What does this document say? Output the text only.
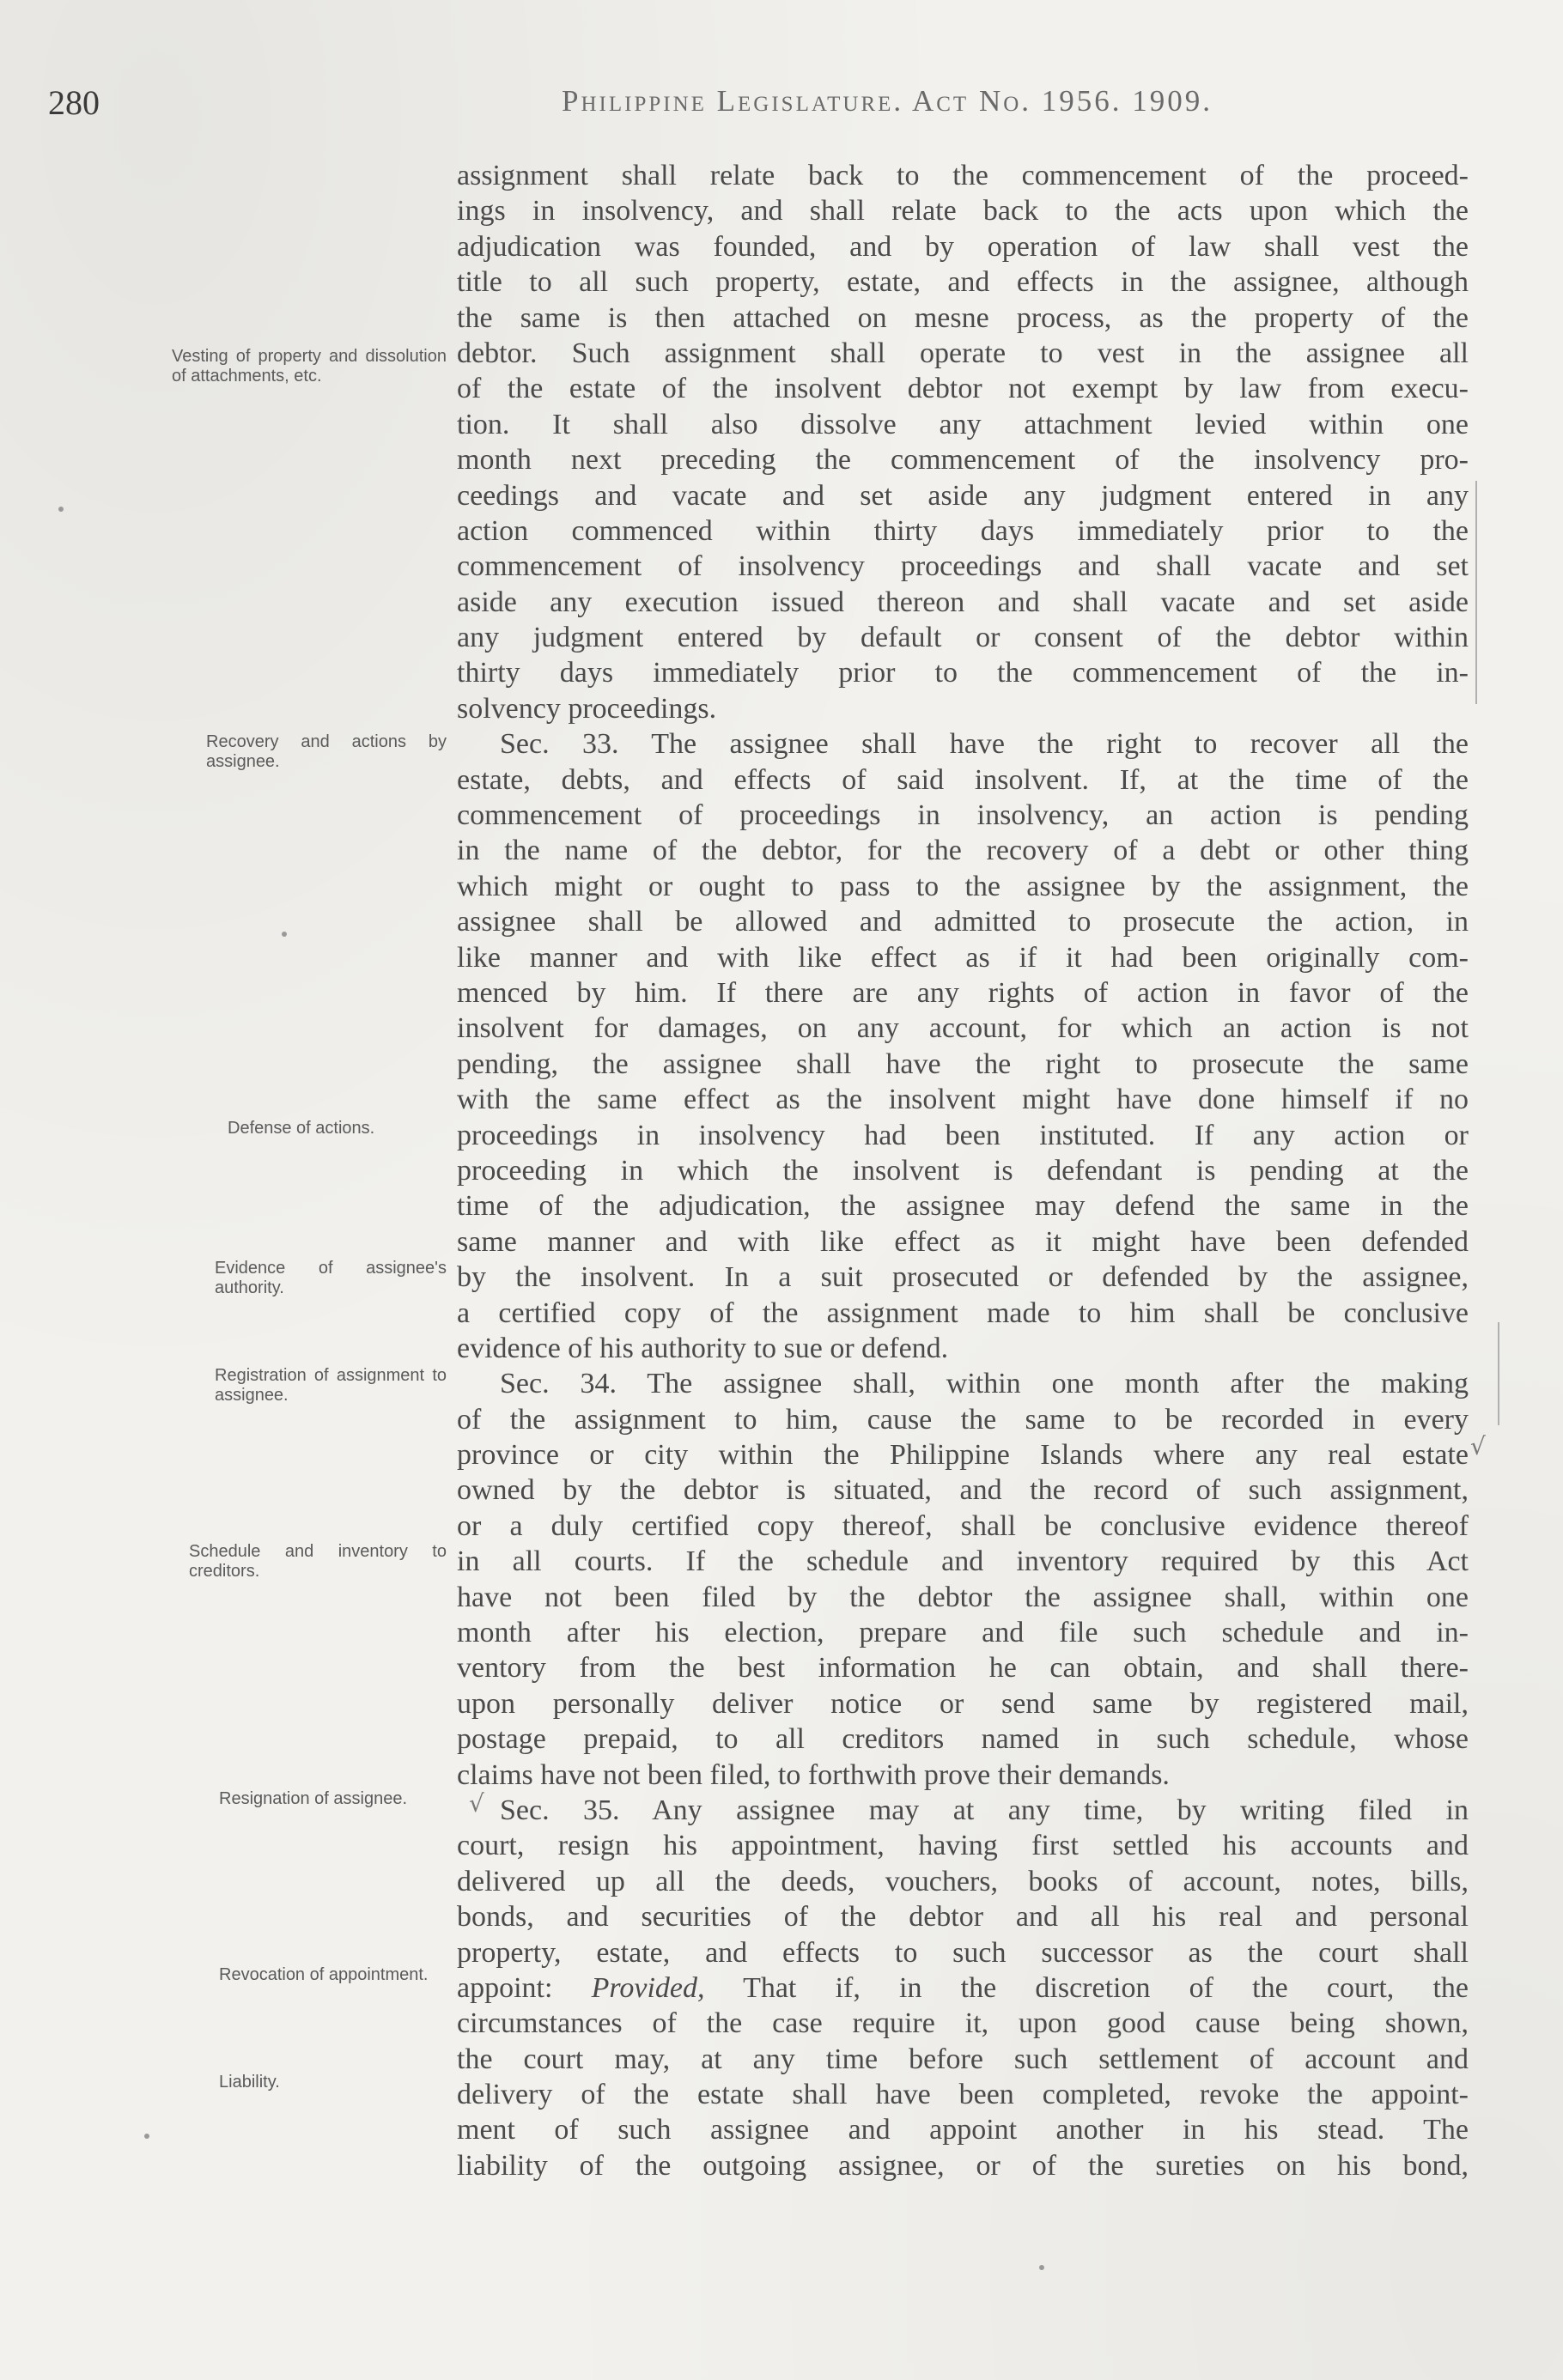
280	Philippine Legislature. Act No. 1956. 1909.
Vesting of property and dissolution of attachments, etc.
Recovery and actions by assignee.
Defense of actions.
Evidence of assignee's authority.
Registration of assignment to assignee.
Schedule and inventory to creditors.
Resignation of assignee.
Revocation of appointment.
Liability.
assignment shall relate back to the commencement of the proceed-
ings in insolvency, and shall relate back to the acts upon which the
adjudication was founded, and by operation of law shall vest the
title to all such property, estate, and effects in the assignee, although
the same is then attached on mesne process, as the property of the
debtor. Such assignment shall operate to vest in the assignee all
of the estate of the insolvent debtor not exempt by law from execu-
tion. It shall also dissolve any attachment levied within one
month next preceding the commencement of the insolvency pro-
ceedings and vacate and set aside any judgment entered in any
action commenced within thirty days immediately prior to the
commencement of insolvency proceedings and shall vacate and set
aside any execution issued thereon and shall vacate and set aside
any judgment entered by default or consent of the debtor within
thirty days immediately prior to the commencement of the in-
solvency proceedings.
Sec. 33. The assignee shall have the right to recover all the
estate, debts, and effects of said insolvent. If, at the time of the
commencement of proceedings in insolvency, an action is pending
in the name of the debtor, for the recovery of a debt or other thing
which might or ought to pass to the assignee by the assignment, the
assignee shall be allowed and admitted to prosecute the action, in
like manner and with like effect as if it had been originally com-
menced by him. If there are any rights of action in favor of the
insolvent for damages, on any account, for which an action is not
pending, the assignee shall have the right to prosecute the same
with the same effect as the insolvent might have done himself if no
proceedings in insolvency had been instituted. If any action or
proceeding in which the insolvent is defendant is pending at the
time of the adjudication, the assignee may defend the same in the
same manner and with like effect as it might have been defended
by the insolvent. In a suit prosecuted or defended by the assignee,
a certified copy of the assignment made to him shall be conclusive
evidence of his authority to sue or defend.
Sec. 34. The assignee shall, within one month after the making
of the assignment to him, cause the same to be recorded in every
province or city within the Philippine Islands where any real estate
owned by the debtor is situated, and the record of such assignment,
or a duly certified copy thereof, shall be conclusive evidence thereof
in all courts. If the schedule and inventory required by this Act
have not been filed by the debtor the assignee shall, within one
month after his election, prepare and file such schedule and in-
ventory from the best information he can obtain, and shall there-
upon personally deliver notice or send same by registered mail,
postage prepaid, to all creditors named in such schedule, whose
claims have not been filed, to forthwith prove their demands.
Sec. 35. Any assignee may at any time, by writing filed in
court, resign his appointment, having first settled his accounts and
delivered up all the deeds, vouchers, books of account, notes, bills,
bonds, and securities of the debtor and all his real and personal
property, estate, and effects to such successor as the court shall
appoint: Provided, That if, in the discretion of the court, the
circumstances of the case require it, upon good cause being shown,
the court may, at any time before such settlement of account and
delivery of the estate shall have been completed, revoke the appoint-
ment of such assignee and appoint another in his stead. The
liability of the outgoing assignee, or of the sureties on his bond,
√
√
